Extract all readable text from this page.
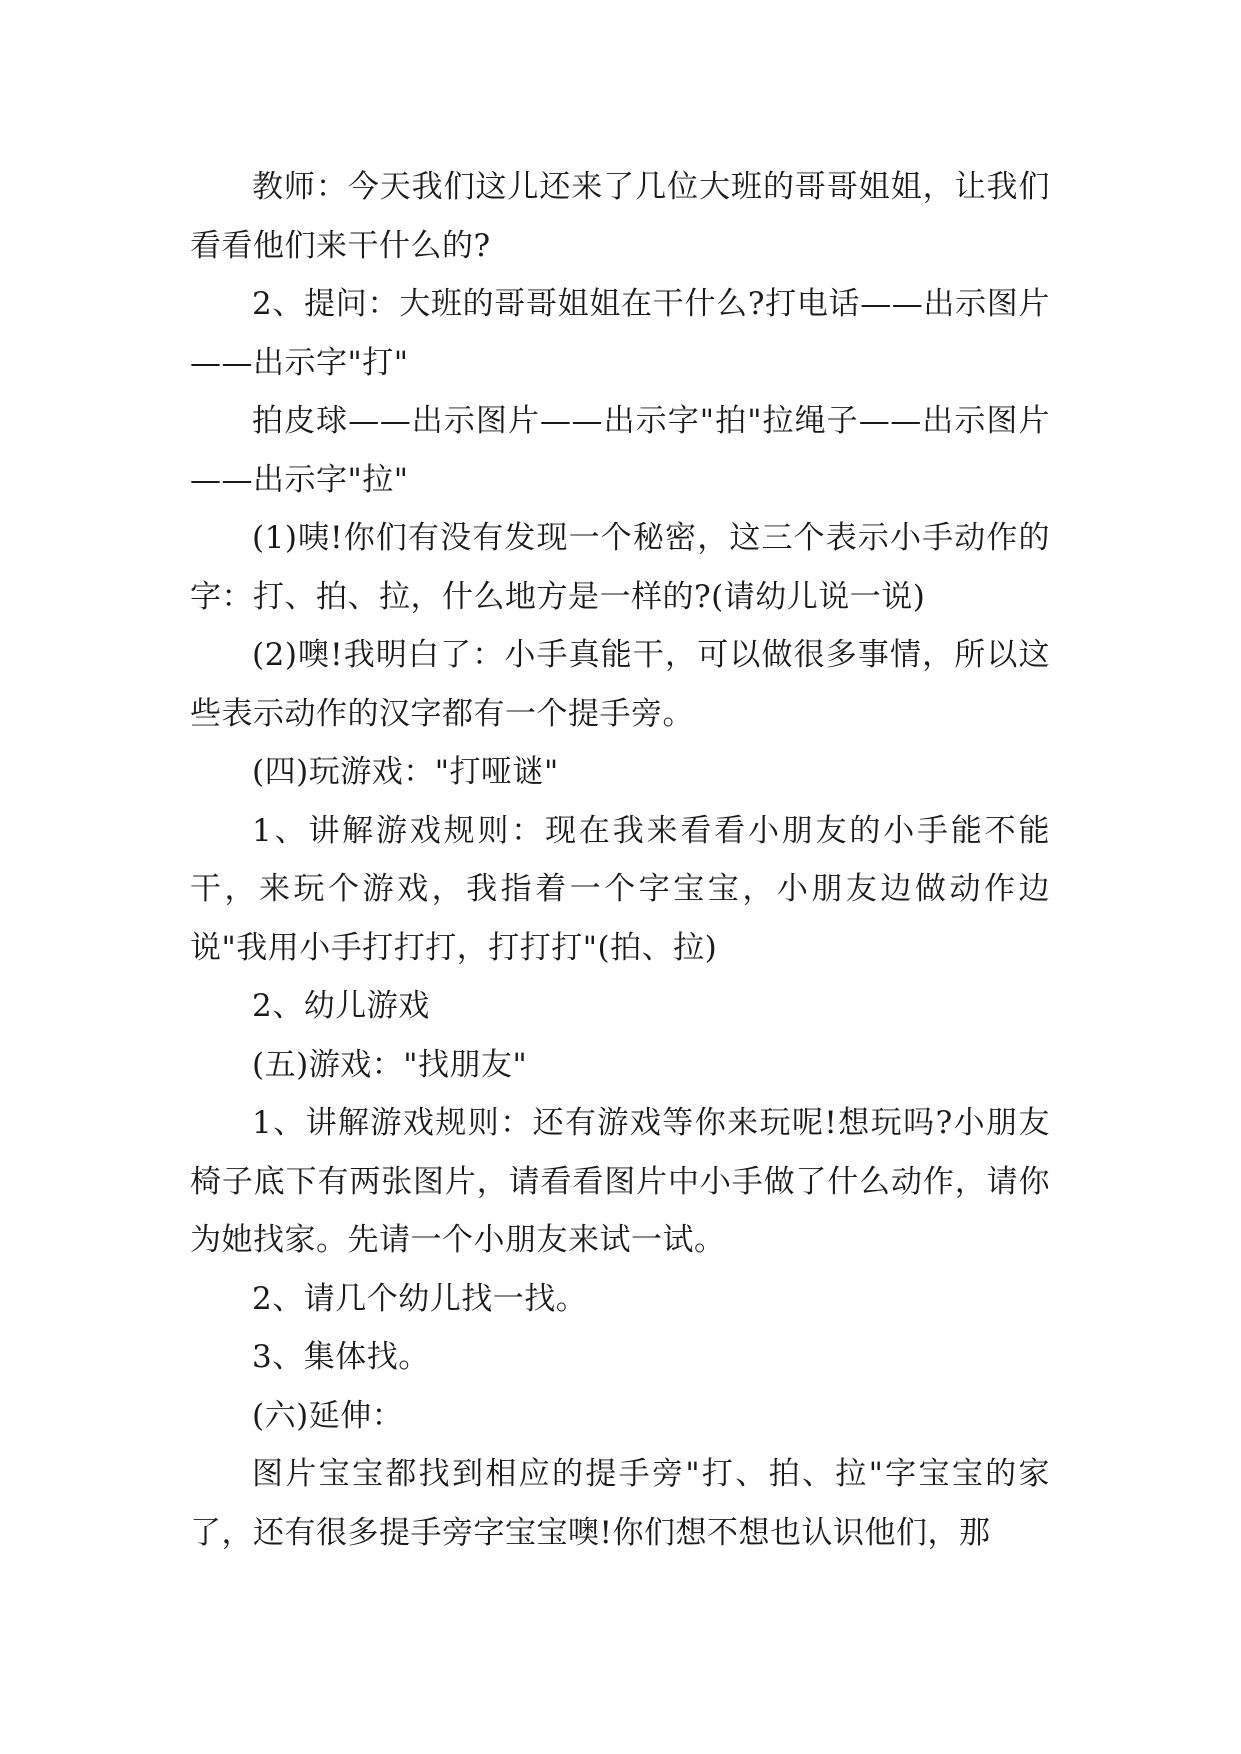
教师：今天我们这儿还来了几位大班的哥哥姐姐，让我们看看他们来干什么的?

2、提问：大班的哥哥姐姐在干什么?打电话——出示图片——出示字"打"

拍皮球——出示图片——出示字"拍"拉绳子——出示图片——出示字"拉"

(1)咦!你们有没有发现一个秘密，这三个表示小手动作的字：打、拍、拉，什么地方是一样的?(请幼儿说一说)

(2)噢!我明白了：小手真能干，可以做很多事情，所以这些表示动作的汉字都有一个提手旁。

(四)玩游戏："打哑谜"

1、讲解游戏规则：现在我来看看小朋友的小手能不能干，来玩个游戏，我指着一个字宝宝，小朋友边做动作边说"我用小手打打打，打打打"(拍、拉)

2、幼儿游戏

(五)游戏："找朋友"

1、讲解游戏规则：还有游戏等你来玩呢!想玩吗?小朋友椅子底下有两张图片，请看看图片中小手做了什么动作，请你为她找家。先请一个小朋友来试一试。

2、请几个幼儿找一找。

3、集体找。

(六)延伸：

图片宝宝都找到相应的提手旁"打、拍、拉"字宝宝的家了，还有很多提手旁字宝宝噢!你们想不想也认识他们，那
